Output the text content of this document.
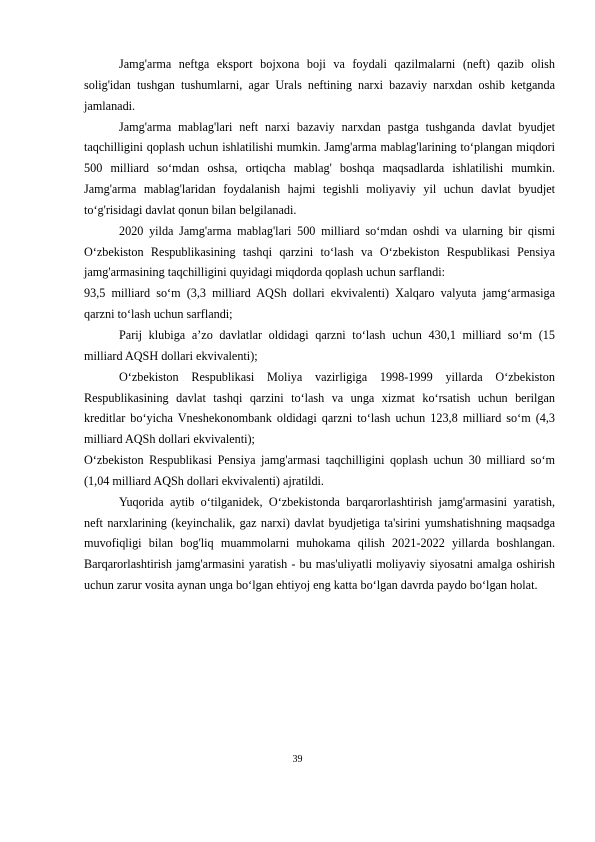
Jamg'arma neftga eksport bojxona boji va foydali qazilmalarni (neft) qazib olish solig'idan tushgan tushumlarni, agar Urals neftining narxi bazaviy narxdan oshib ketganda jamlanadi.

Jamg'arma mablag'lari neft narxi bazaviy narxdan pastga tushganda davlat byudjet taqchilligini qoplash uchun ishlatilishi mumkin. Jamg'arma mablag'larining to‘plangan miqdori 500 milliard so‘mdan oshsa, ortiqcha mablag' boshqa maqsadlarda ishlatilishi mumkin. Jamg'arma mablag'laridan foydalanish hajmi tegishli moliyaviy yil uchun davlat byudjet to‘g'risidagi davlat qonun bilan belgilanadi.

2020 yilda Jamg'arma mablag'lari 500 milliard so‘mdan oshdi va ularning bir qismi O‘zbekiston Respublikasining tashqi qarzini to‘lash va O‘zbekiston Respublikasi Pensiya jamg'armasining taqchilligini quyidagi miqdorda qoplash uchun sarflandi:

93,5 milliard so‘m (3,3 milliard AQSh dollari ekvivalenti) Xalqaro valyuta jamg‘armasiga qarzni to‘lash uchun sarflandi;

Parij klubiga a’zo davlatlar oldidagi qarzni to‘lash uchun 430,1 milliard so‘m (15 milliard AQSH dollari ekvivalenti);

O‘zbekiston Respublikasi Moliya vazirligiga 1998-1999 yillarda O‘zbekiston Respublikasining davlat tashqi qarzini to‘lash va unga xizmat ko‘rsatish uchun berilgan kreditlar bo‘yicha Vneshekonombank oldidagi qarzni to‘lash uchun 123,8 milliard so‘m (4,3 milliard AQSh dollari ekvivalenti);

O‘zbekiston Respublikasi Pensiya jamg'armasi taqchilligini qoplash uchun 30 milliard so‘m (1,04 milliard AQSh dollari ekvivalenti) ajratildi.

Yuqorida aytib o‘tilganidek, O‘zbekistonda barqarorlashtirish jamg'armasini yaratish, neft narxlarining (keyinchalik, gaz narxi) davlat byudjetiga ta'sirini yumshatishning maqsadga muvofiqligi bilan bog'liq muammolarni muhokama qilish 2021-2022 yillarda boshlangan. Barqarorlashtirish jamg'armasini yaratish - bu mas'uliyatli moliyaviy siyosatni amalga oshirish uchun zarur vosita aynan unga bo‘lgan ehtiyoj eng katta bo‘lgan davrda paydo bo‘lgan holat.

39
